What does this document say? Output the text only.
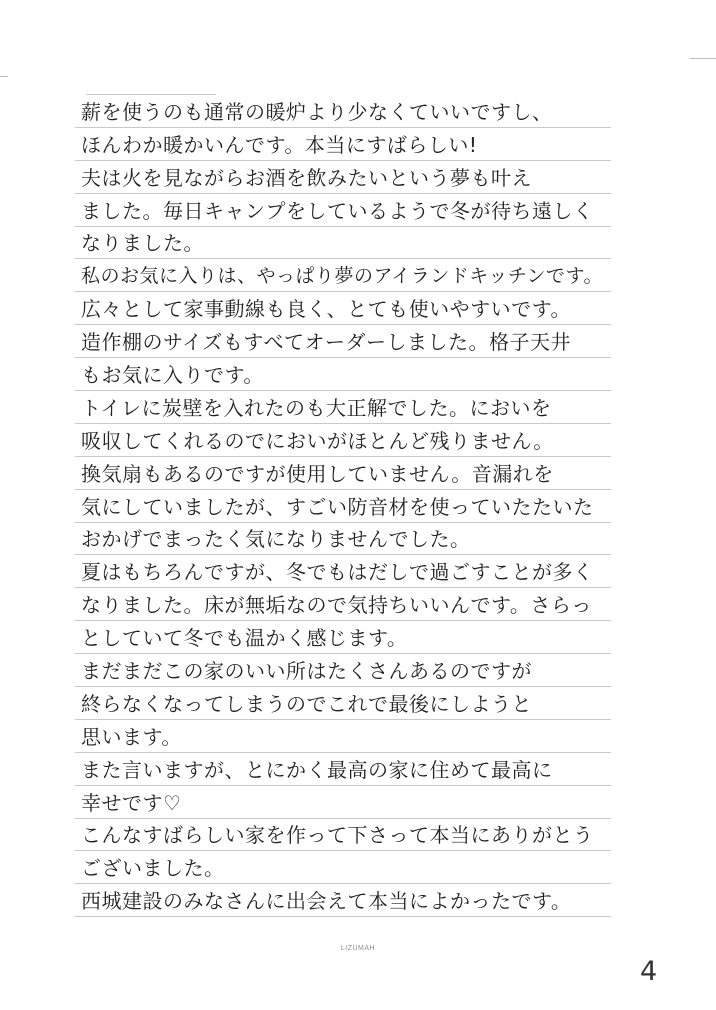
薪を使うのも通常の暖炉より少なくていいですし、
ほんわか暖かいんです。本当にすばらしい!
夫は火を見ながらお酒を飲みたいという夢も叶え
ました。毎日キャンプをしているようで冬が待ち遠しく
なりました。
私のお気に入りは、やっぱり夢のアイランドキッチンです。
広々として家事動線も良く、とても使いやすいです。
造作棚のサイズもすべてオーダーしました。格子天井
もお気に入りです。
トイレに炭壁を入れたのも大正解でした。においを
吸収してくれるのでにおいがほとんど残りません。
換気扇もあるのですが使用していません。音漏れを
気にしていましたが、すごい防音材を使っていたたいた
おかげでまったく気になりませんでした。
夏はもちろんですが、冬でもはだしで過ごすことが多く
なりました。床が無垢なので気持ちいいんです。さらっ
としていて冬でも温かく感じます。
まだまだこの家のいい所はたくさんあるのですが
終らなくなってしまうのでこれで最後にしようと
思います。
また言いますが、とにかく最高の家に住めて最高に
幸せです♡
こんなすばらしい家を作って下さって本当にありがとう
ございました。
西城建設のみなさんに出会えて本当によかったです。
LIZUMAH
4
